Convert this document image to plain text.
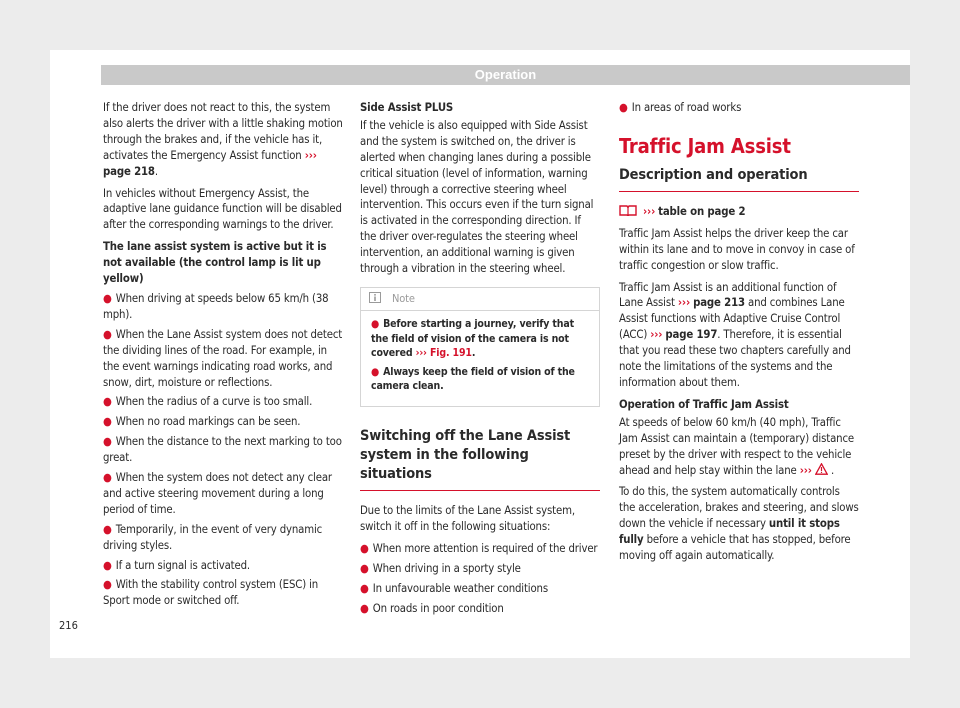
Operation

If the driver does not react to this, the system also alerts the driver with a little shaking motion through the brakes and, if the vehicle has it, activates the Emergency Assist function ››› page 218.

In vehicles without Emergency Assist, the adaptive lane guidance function will be disabled after the corresponding warnings to the driver.

The lane assist system is active but it is not available (the control lamp is lit up yellow)

● When driving at speeds below 65 km/h (38 mph).
● When the Lane Assist system does not detect the dividing lines of the road. For example, in the event warnings indicating road works, and snow, dirt, moisture or reflections.
● When the radius of a curve is too small.
● When no road markings can be seen.
● When the distance to the next marking to too great.
● When the system does not detect any clear and active steering movement during a long period of time.
● Temporarily, in the event of very dynamic driving styles.
● If a turn signal is activated.
● With the stability control system (ESC) in Sport mode or switched off.

Side Assist PLUS

If the vehicle is also equipped with Side Assist and the system is switched on, the driver is alerted when changing lanes during a possible critical situation (level of information, warning level) through a corrective steering wheel intervention. This occurs even if the turn signal is activated in the corresponding direction. If the driver over-regulates the steering wheel intervention, an additional warning is given through a vibration in the steering wheel.

Note
● Before starting a journey, verify that the field of vision of the camera is not covered ››› Fig. 191.
● Always keep the field of vision of the camera clean.
Switching off the Lane Assist system in the following situations

Due to the limits of the Lane Assist system, switch it off in the following situations:

● When more attention is required of the driver
● When driving in a sporty style
● In unfavourable weather conditions
● On roads in poor condition
● In areas of road works
Traffic Jam Assist
Description and operation
››› table on page 2

Traffic Jam Assist helps the driver keep the car within its lane and to move in convoy in case of traffic congestion or slow traffic.

Traffic Jam Assist is an additional function of Lane Assist ››› page 213 and combines Lane Assist functions with Adaptive Cruise Control (ACC) ››› page 197. Therefore, it is essential that you read these two chapters carefully and note the limitations of the systems and the information about them.

Operation of Traffic Jam Assist

At speeds of below 60 km/h (40 mph), Traffic Jam Assist can maintain a (temporary) distance preset by the driver with respect to the vehicle ahead and help stay within the lane ››› .

To do this, the system automatically controls the acceleration, brakes and steering, and slows down the vehicle if necessary until it stops fully before a vehicle that has stopped, before moving off again automatically.

216
